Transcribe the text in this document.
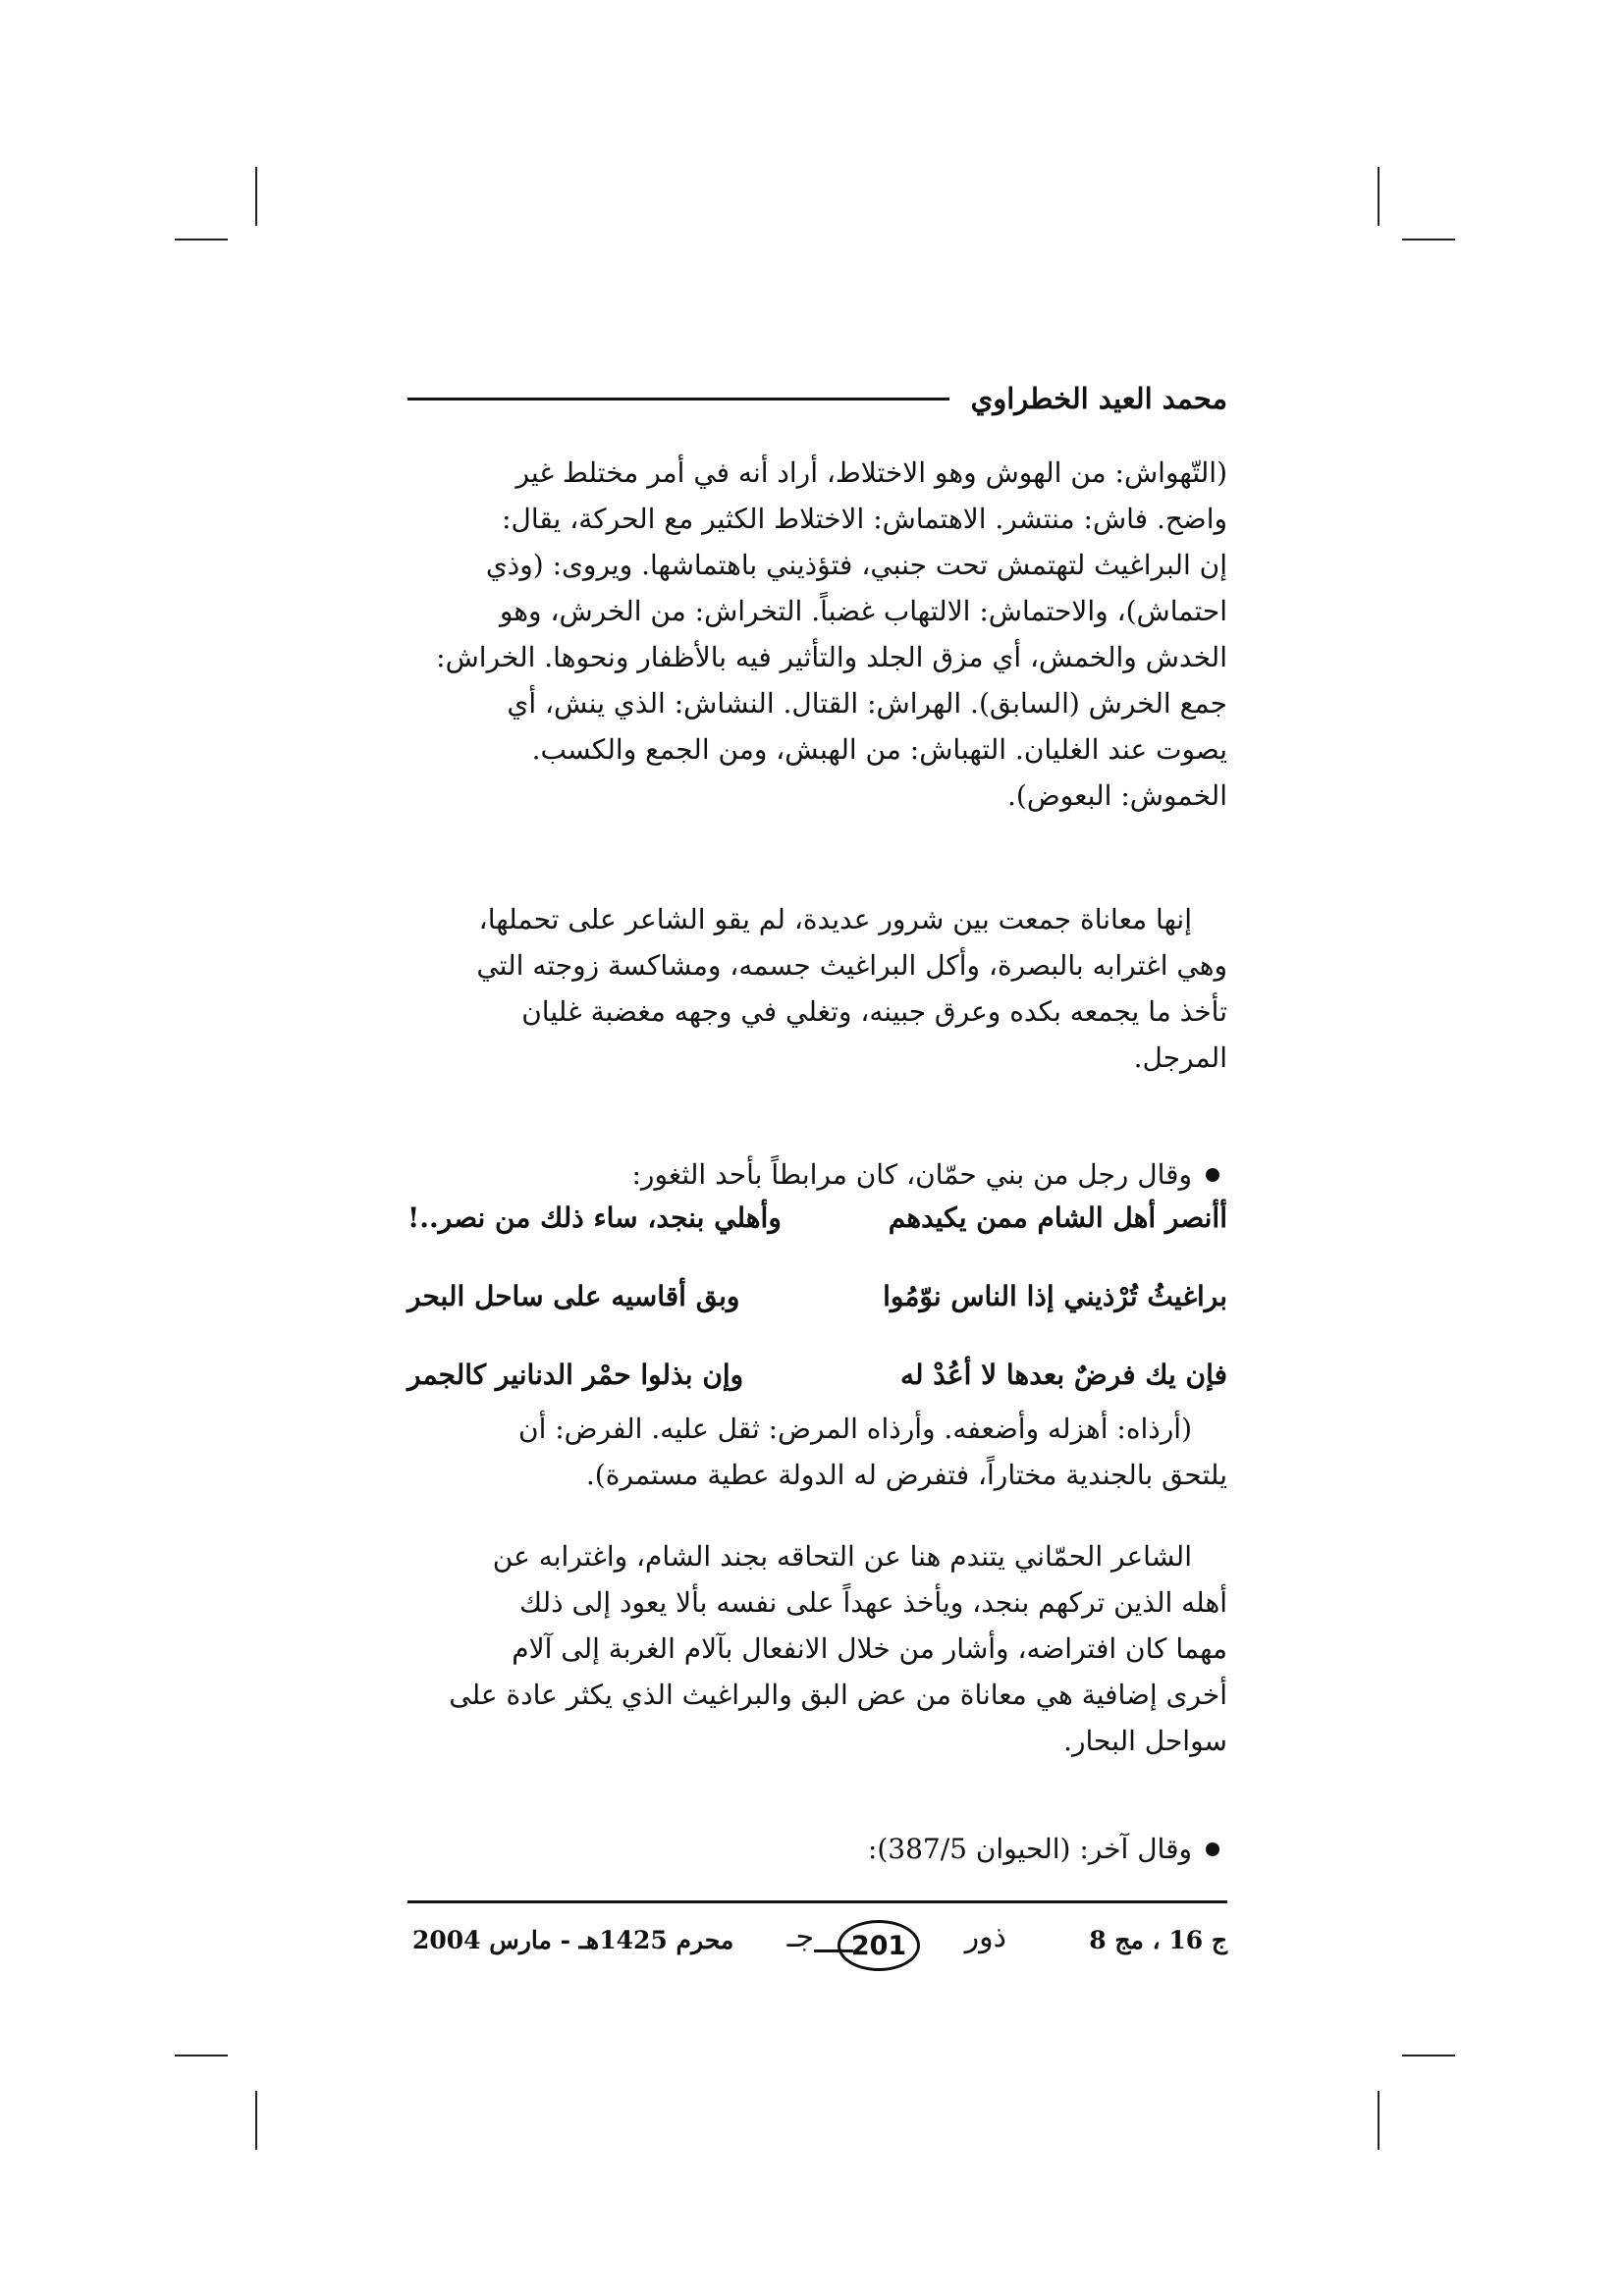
محمد العيد الخطراوي

(التّهواش: من الهوش وهو الاختلاط، أراد أنه في أمر مختلط غير

واضح. فاش: منتشر. الاهتماش: الاختلاط الكثير مع الحركة، يقال:

إن البراغيث لتهتمش تحت جنبي، فتؤذيني باهتماشها. ويروى: (وذي

احتماش)، والاحتماش: الالتهاب غضباً. التخراش: من الخرش، وهو

الخدش والخمش، أي مزق الجلد والتأثير فيه بالأظفار ونحوها. الخراش:

جمع الخرش (السابق). الهراش: القتال. النشاش: الذي ينش، أي

يصوت عند الغليان. التهباش: من الهبش، ومن الجمع والكسب.

الخموش: البعوض).

إنها معاناة جمعت بين شرور عديدة، لم يقو الشاعر على تحملها،

وهي اغترابه بالبصرة، وأكل البراغيث جسمه، ومشاكسة زوجته التي

تأخذ ما يجمعه بكده وعرق جبينه، وتغلي في وجهه مغضبة غليان

المرجل.

وقال رجل من بني حمّان، كان مرابطاً بأحد الثغور:
أأنصر أهل الشام ممن يكيدهم
وأهلي بنجد، ساء ذلك من نصر..!
براغيثُ تُرْذيني إذا الناس نوّمُوا
وبق أقاسيه على ساحل البحر
فإن يك فرضٌ بعدها لا أعُدْ له
وإن بذلوا حمْر الدنانير كالجمر

(أرذاه: أهزله وأضعفه. وأرذاه المرض: ثقل عليه. الفرض: أن

يلتحق بالجندية مختاراً، فتفرض له الدولة عطية مستمرة).

الشاعر الحمّاني يتندم هنا عن التحاقه بجند الشام، واغترابه عن

أهله الذين تركهم بنجد، ويأخذ عهداً على نفسه بألا يعود إلى ذلك

مهما كان افتراضه، وأشار من خلال الانفعال بآلام الغربة إلى آلام

أخرى إضافية هي معاناة من عض البق والبراغيث الذي يكثر عادة على

سواحل البحار.

وقال آخر: (الحيوان 387/5):
ج 16 ، مج 8
جـ 201 ذور
محرم 1425هـ - مارس 2004
